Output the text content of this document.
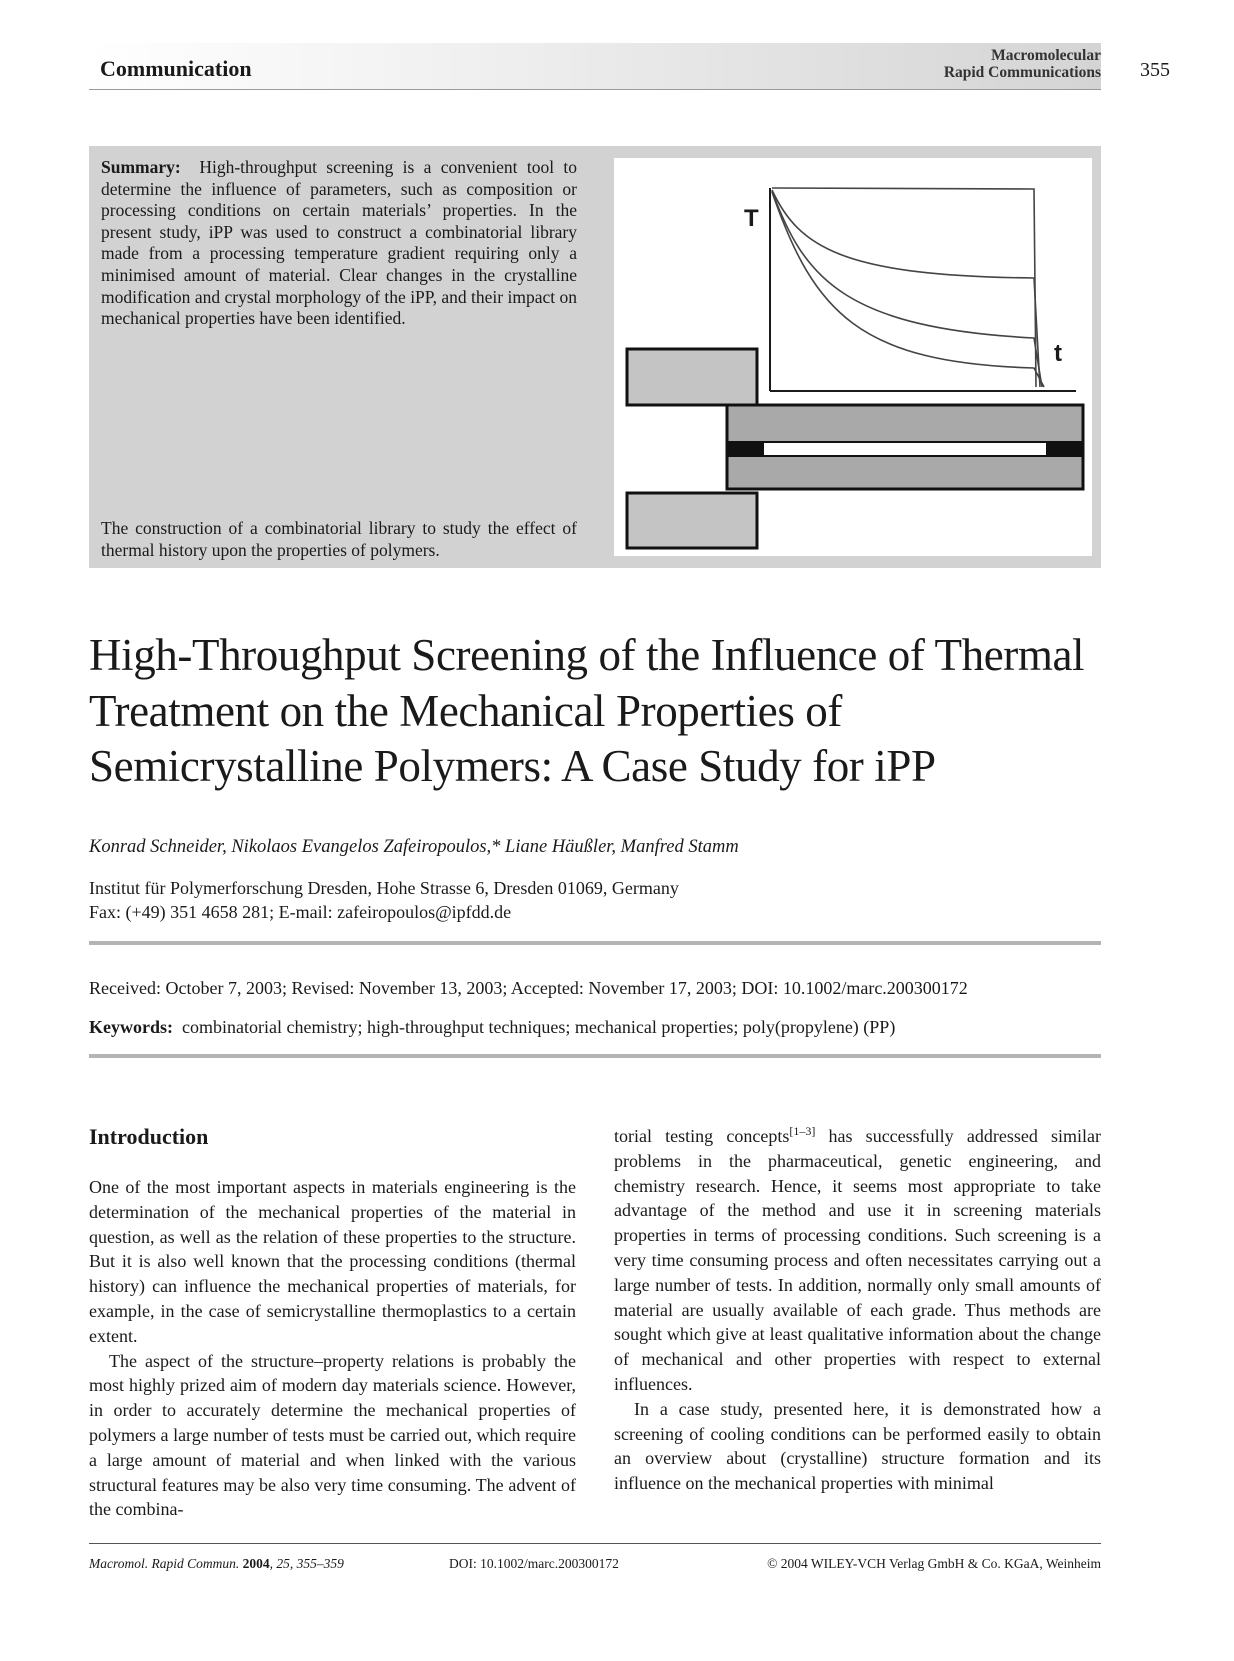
Communication
Macromolecular
Rapid Communications 355
Summary: High-throughput screening is a convenient tool to determine the influence of parameters, such as composition or processing conditions on certain materials’ properties. In the present study, iPP was used to construct a combinatorial library made from a processing temperature gradient requiring only a minimised amount of material. Clear changes in the crystalline modification and crystal morphology of the iPP, and their impact on mechanical properties have been identified.
The construction of a combinatorial library to study the effect of thermal history upon the properties of polymers.
T
t
High-Throughput Screening of the Influence of Thermal Treatment on the Mechanical Properties of Semicrystalline Polymers: A Case Study for iPP
Konrad Schneider, Nikolaos Evangelos Zafeiropoulos,* Liane Häußler, Manfred Stamm
Institut für Polymerforschung Dresden, Hohe Strasse 6, Dresden 01069, Germany
Fax: (+49) 351 4658 281; E-mail: zafeiropoulos@ipfdd.de
Received: October 7, 2003; Revised: November 13, 2003; Accepted: November 17, 2003; DOI: 10.1002/marc.200300172
Keywords: combinatorial chemistry; high-throughput techniques; mechanical properties; poly(propylene) (PP)
Introduction

One of the most important aspects in materials engineering is the determination of the mechanical properties of the material in question, as well as the relation of these properties to the structure. But it is also well known that the processing conditions (thermal history) can influence the mechanical properties of materials, for example, in the case of semicrystalline thermoplastics to a certain extent.

The aspect of the structure–property relations is probably the most highly prized aim of modern day materials science. However, in order to accurately determine the mechanical properties of polymers a large number of tests must be carried out, which require a large amount of material and when linked with the various structural features may be also very time consuming. The advent of the combina-

torial testing concepts[1–3] has successfully addressed similar problems in the pharmaceutical, genetic engineering, and chemistry research. Hence, it seems most appropriate to take advantage of the method and use it in screening materials properties in terms of processing conditions. Such screening is a very time consuming process and often necessitates carrying out a large number of tests. In addition, normally only small amounts of material are usually available of each grade. Thus methods are sought which give at least qualitative information about the change of mechanical and other properties with respect to external influences.

In a case study, presented here, it is demonstrated how a screening of cooling conditions can be performed easily to obtain an overview about (crystalline) structure formation and its influence on the mechanical properties with minimal

Macromol. Rapid Commun. 2004, 25, 355–359	DOI: 10.1002/marc.200300172	© 2004 WILEY-VCH Verlag GmbH & Co. KGaA, Weinheim
